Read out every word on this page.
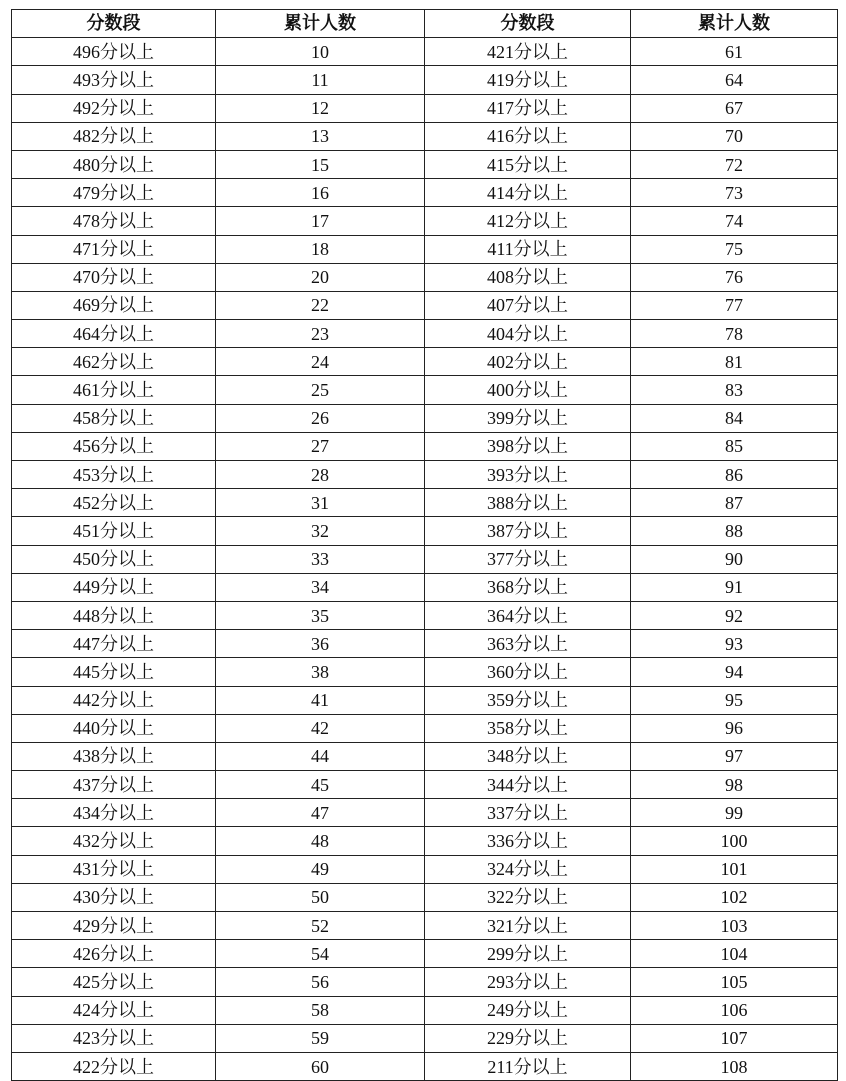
分数段	累计人数	分数段	累计人数
496分以上	10	421分以上	61
493分以上	11	419分以上	64
492分以上	12	417分以上	67
482分以上	13	416分以上	70
480分以上	15	415分以上	72
479分以上	16	414分以上	73
478分以上	17	412分以上	74
471分以上	18	411分以上	75
470分以上	20	408分以上	76
469分以上	22	407分以上	77
464分以上	23	404分以上	78
462分以上	24	402分以上	81
461分以上	25	400分以上	83
458分以上	26	399分以上	84
456分以上	27	398分以上	85
453分以上	28	393分以上	86
452分以上	31	388分以上	87
451分以上	32	387分以上	88
450分以上	33	377分以上	90
449分以上	34	368分以上	91
448分以上	35	364分以上	92
447分以上	36	363分以上	93
445分以上	38	360分以上	94
442分以上	41	359分以上	95
440分以上	42	358分以上	96
438分以上	44	348分以上	97
437分以上	45	344分以上	98
434分以上	47	337分以上	99
432分以上	48	336分以上	100
431分以上	49	324分以上	101
430分以上	50	322分以上	102
429分以上	52	321分以上	103
426分以上	54	299分以上	104
425分以上	56	293分以上	105
424分以上	58	249分以上	106
423分以上	59	229分以上	107
422分以上	60	211分以上	108
